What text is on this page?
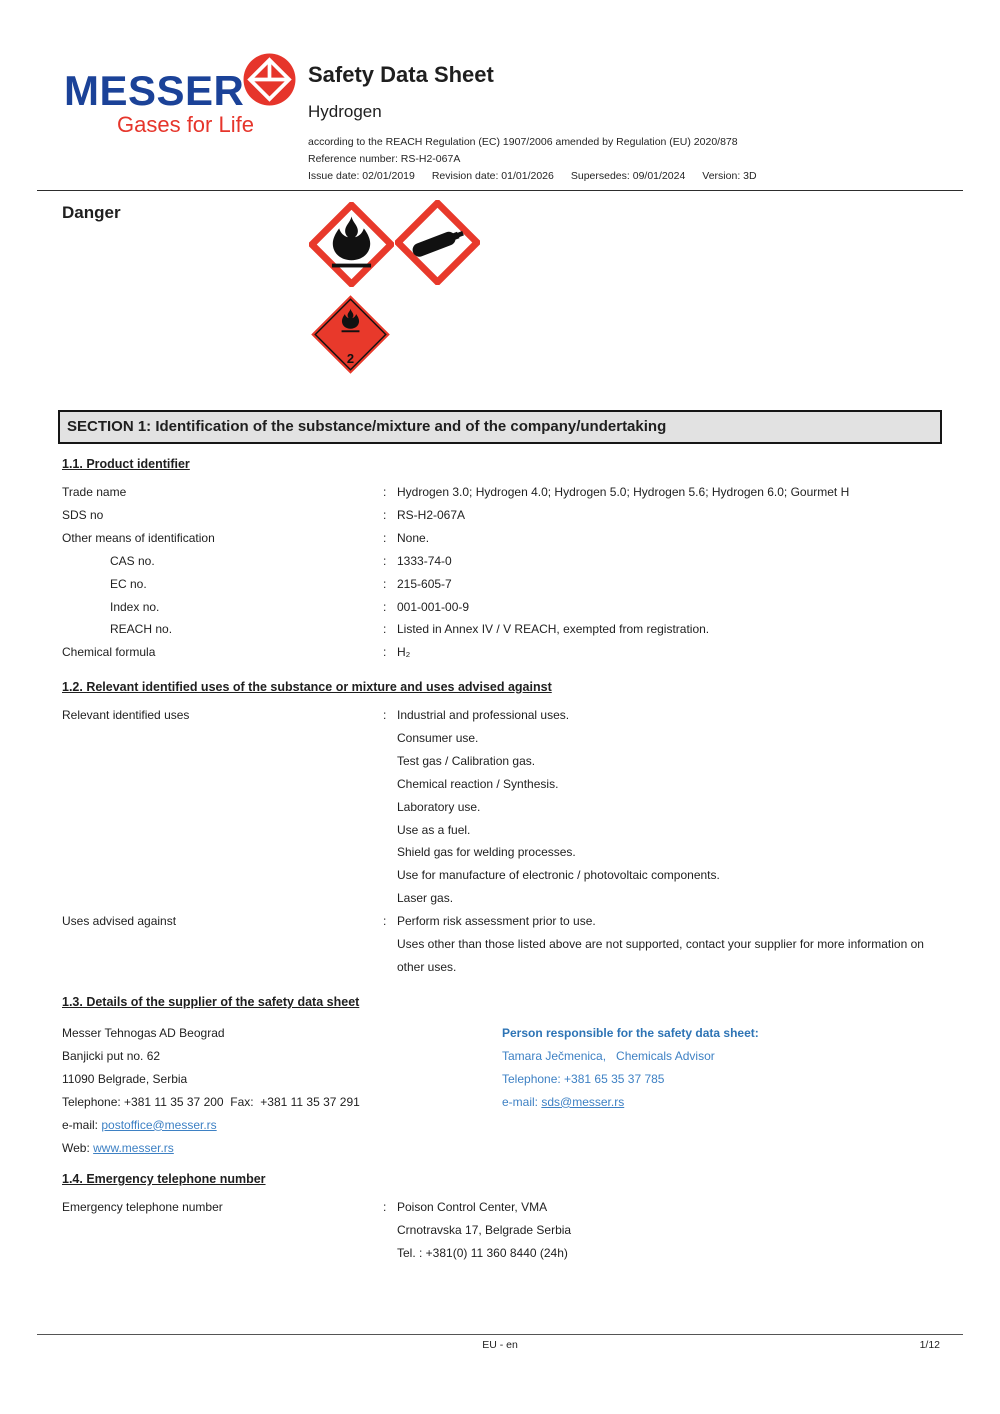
MESSER
Gases for Life
Safety Data Sheet
Hydrogen
according to the REACH Regulation (EC) 1907/2006 amended by Regulation (EU) 2020/878
Reference number: RS-H2-067A
Issue date: 02/01/2019 Revision date: 01/01/2026 Supersedes: 09/01/2024 Version: 3D
Danger
2
SECTION 1: Identification of the substance/mixture and of the company/undertaking
1.1. Product identifier
Trade name	: Hydrogen 3.0; Hydrogen 4.0; Hydrogen 5.0; Hydrogen 5.6; Hydrogen 6.0; Gourmet H
SDS no	: RS-H2-067A
Other means of identification	: None.
CAS no.	: 1333-74-0
EC no.	: 215-605-7
Index no.	: 001-001-00-9
REACH no.	: Listed in Annex IV / V REACH, exempted from registration.
Chemical formula	: H₂
1.2. Relevant identified uses of the substance or mixture and uses advised against
Relevant identified uses	: Industrial and professional uses.
Consumer use.
Test gas / Calibration gas.
Chemical reaction / Synthesis.
Laboratory use.
Use as a fuel.
Shield gas for welding processes.
Use for manufacture of electronic / photovoltaic components.
Laser gas.
Uses advised against	: Perform risk assessment prior to use.
Uses other than those listed above are not supported, contact your supplier for more information on other uses.
1.3. Details of the supplier of the safety data sheet
Messer Tehnogas AD Beograd
Banjicki put no. 62
11090 Belgrade, Serbia
Telephone: +381 11 35 37 200  Fax:  +381 11 35 37 291
e-mail: postoffice@messer.rs
Web: www.messer.rs
Person responsible for the safety data sheet:
Tamara Ječmenica,   Chemicals Advisor
Telephone: +381 65 35 37 785
e-mail: sds@messer.rs
1.4. Emergency telephone number
Emergency telephone number	: Poison Control Center, VMA
Crnotravska 17, Belgrade Serbia
Tel. : +381(0) 11 360 8440 (24h)
EU - en	1/12
